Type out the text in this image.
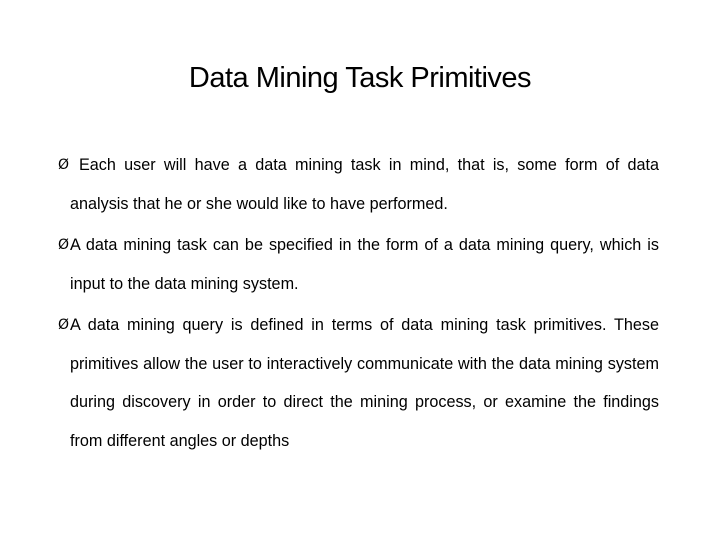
Data Mining Task Primitives
Ø Each user will have a data mining task in mind, that is, some form of data analysis that he or she would like to have performed.
Ø A data mining task can be specified in the form of a data mining query, which is input to the data mining system.
Ø A data mining query is defined in terms of data mining task primitives. These primitives allow the user to interactively communicate with the data mining system during discovery in order to direct the mining process, or examine the findings from different angles or depths
